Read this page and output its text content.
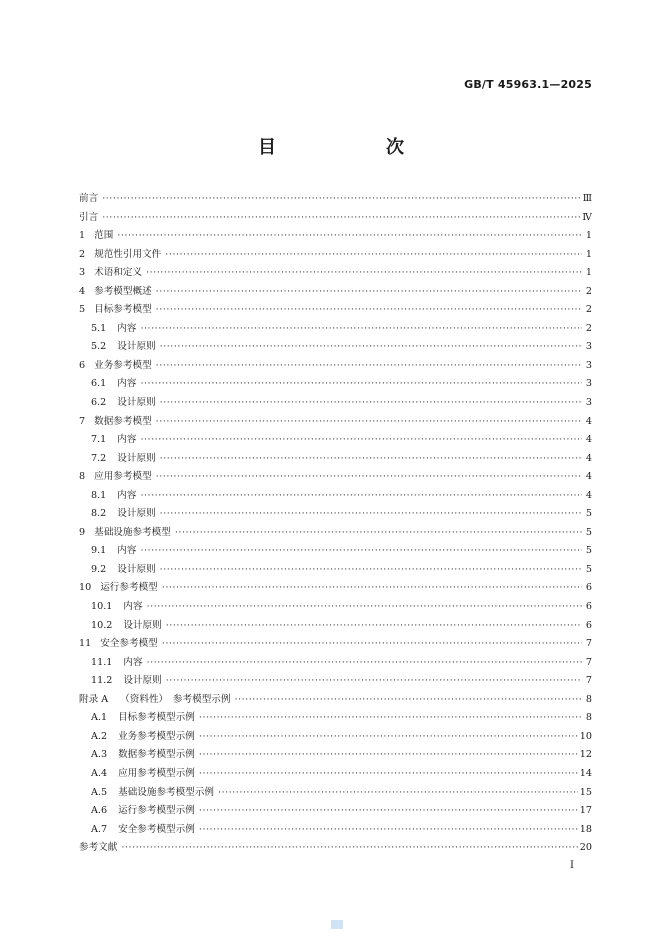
GB/T 45963.1—2025
目　次
前言 ·····	Ⅲ
引言 ·····	Ⅳ
1 范围 ·····	1
2 规范性引用文件 ·····	1
3 术语和定义 ·····	1
4 参考模型概述 ·····	2
5 目标参考模型 ·····	2
5.1 内容 ·····	2
5.2 设计原则 ·····	3
6 业务参考模型 ·····	3
6.1 内容 ·····	3
6.2 设计原则 ·····	3
7 数据参考模型 ·····	4
7.1 内容 ·····	4
7.2 设计原则 ·····	4
8 应用参考模型 ·····	4
8.1 内容 ·····	4
8.2 设计原则 ·····	5
9 基础设施参考模型 ·····	5
9.1 内容 ·····	5
9.2 设计原则 ·····	5
10 运行参考模型 ·····	6
10.1 内容 ·····	6
10.2 设计原则 ·····	6
11 安全参考模型 ·····	7
11.1 内容 ·····	7
11.2 设计原则 ·····	7
附录 A （资料性）　参考模型示例 ·····	8
A.1 目标参考模型示例 ·····	8
A.2 业务参考模型示例 ·····	10
A.3 数据参考模型示例 ·····	12
A.4 应用参考模型示例 ·····	14
A.5 基础设施参考模型示例 ·····	15
A.6 运行参考模型示例 ·····	17
A.7 安全参考模型示例 ·····	18
参考文献 ·····	20
I
